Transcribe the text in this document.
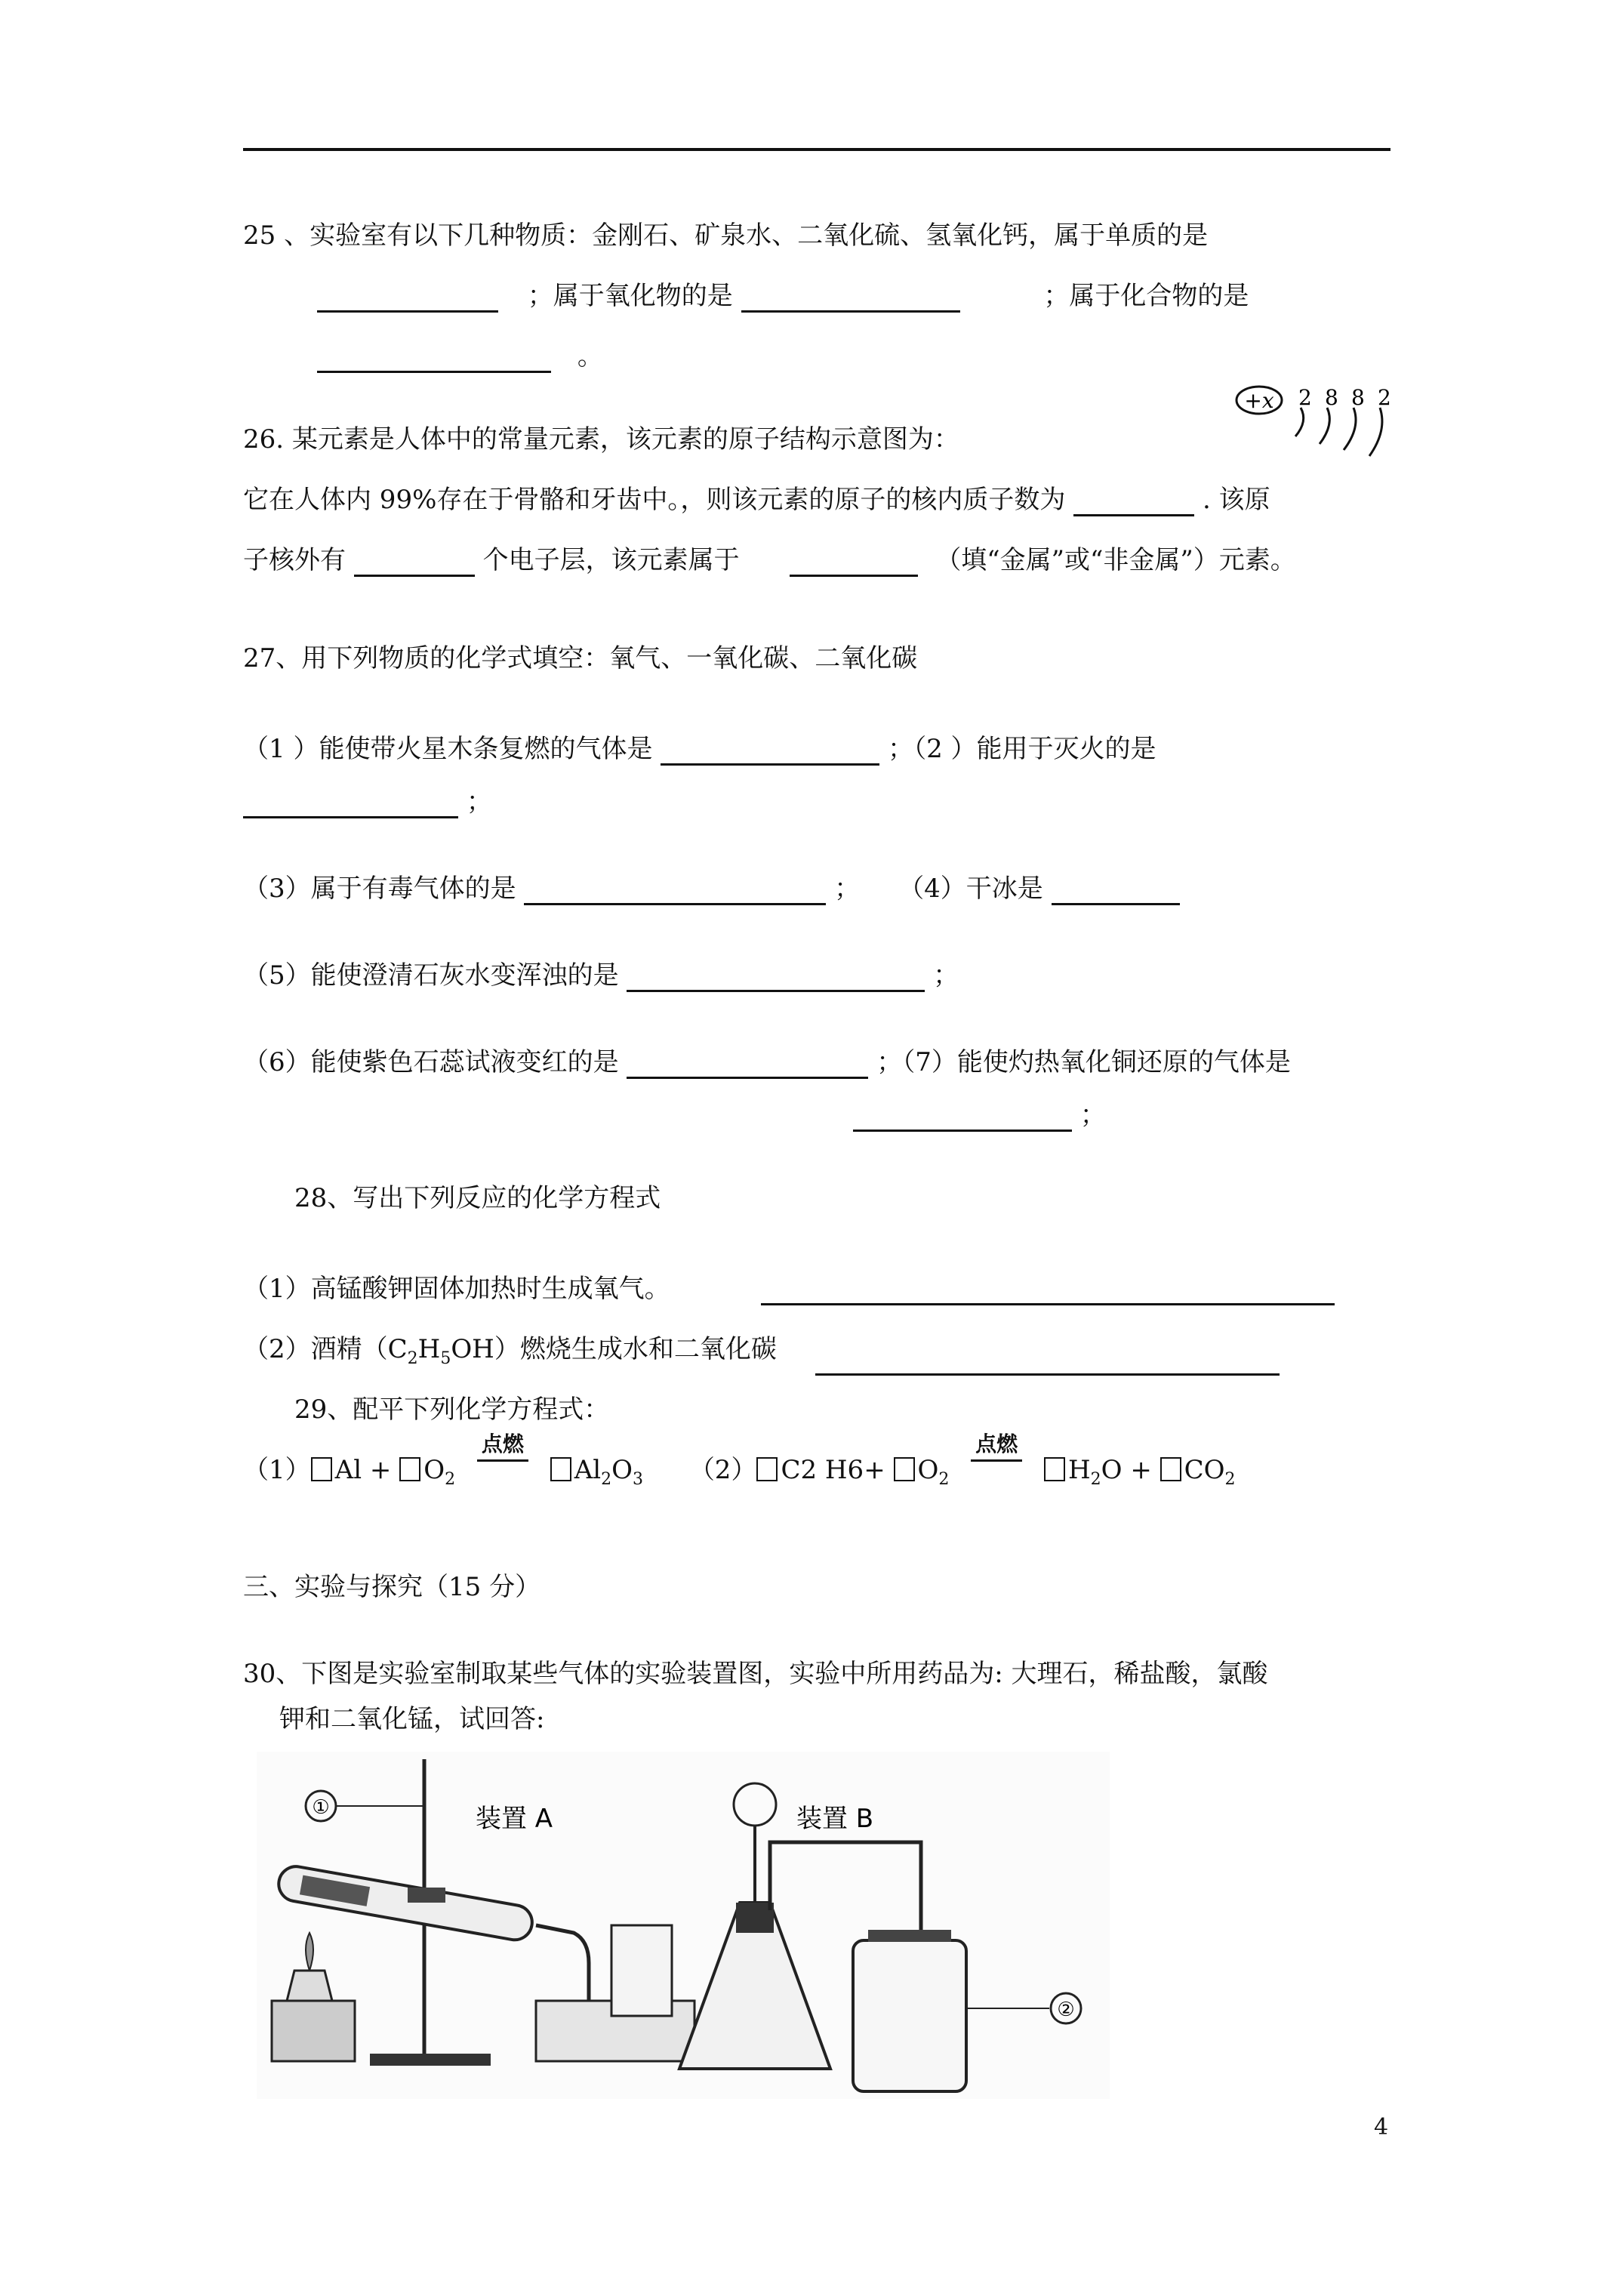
25 、实验室有以下几种物质：金刚石、矿泉水、二氧化硫、氢氧化钙，属于单质的是
；属于氧化物的是	；属于化合物的是
。
26. 某元素是人体中的常量元素，该元素的原子结构示意图为：
+x 2 8 8 2
它在人体内 99%存在于骨骼和牙齿中。，则该元素的原子的核内质子数为	. 该原
子核外有	个电子层，该元素属于	（填“金属”或“非金属”）元素。
27、用下列物质的化学式填空：氧气、一氧化碳、二氧化碳
（1 ）能使带火星木条复燃的气体是	；（2 ）能用于灭火的是
；
（3）属于有毒气体的是	； （4）干冰是
（5）能使澄清石灰水变浑浊的是	；
（6）能使紫色石蕊试液变红的是	；（7）能使灼热氧化铜还原的气体是
；
28、写出下列反应的化学方程式
（1）高锰酸钾固体加热时生成氧气。
（2）酒精$(C_2H_5OH)$燃烧生成水和二氧化碳
29、配平下列化学方程式：
（1） $Al + O_2$
点燃
$Al_2O_3$ （2） C2 $H6+ O_2$
点燃
$H_2O + CO_2$
三、实验与探究（15 分）
30、下图是实验室制取某些气体的实验装置图，实验中所用药品为: 大理石，稀盐酸，氯酸
钾和二氧化锰，试回答:
①	装置 A	装置 B
②
4
